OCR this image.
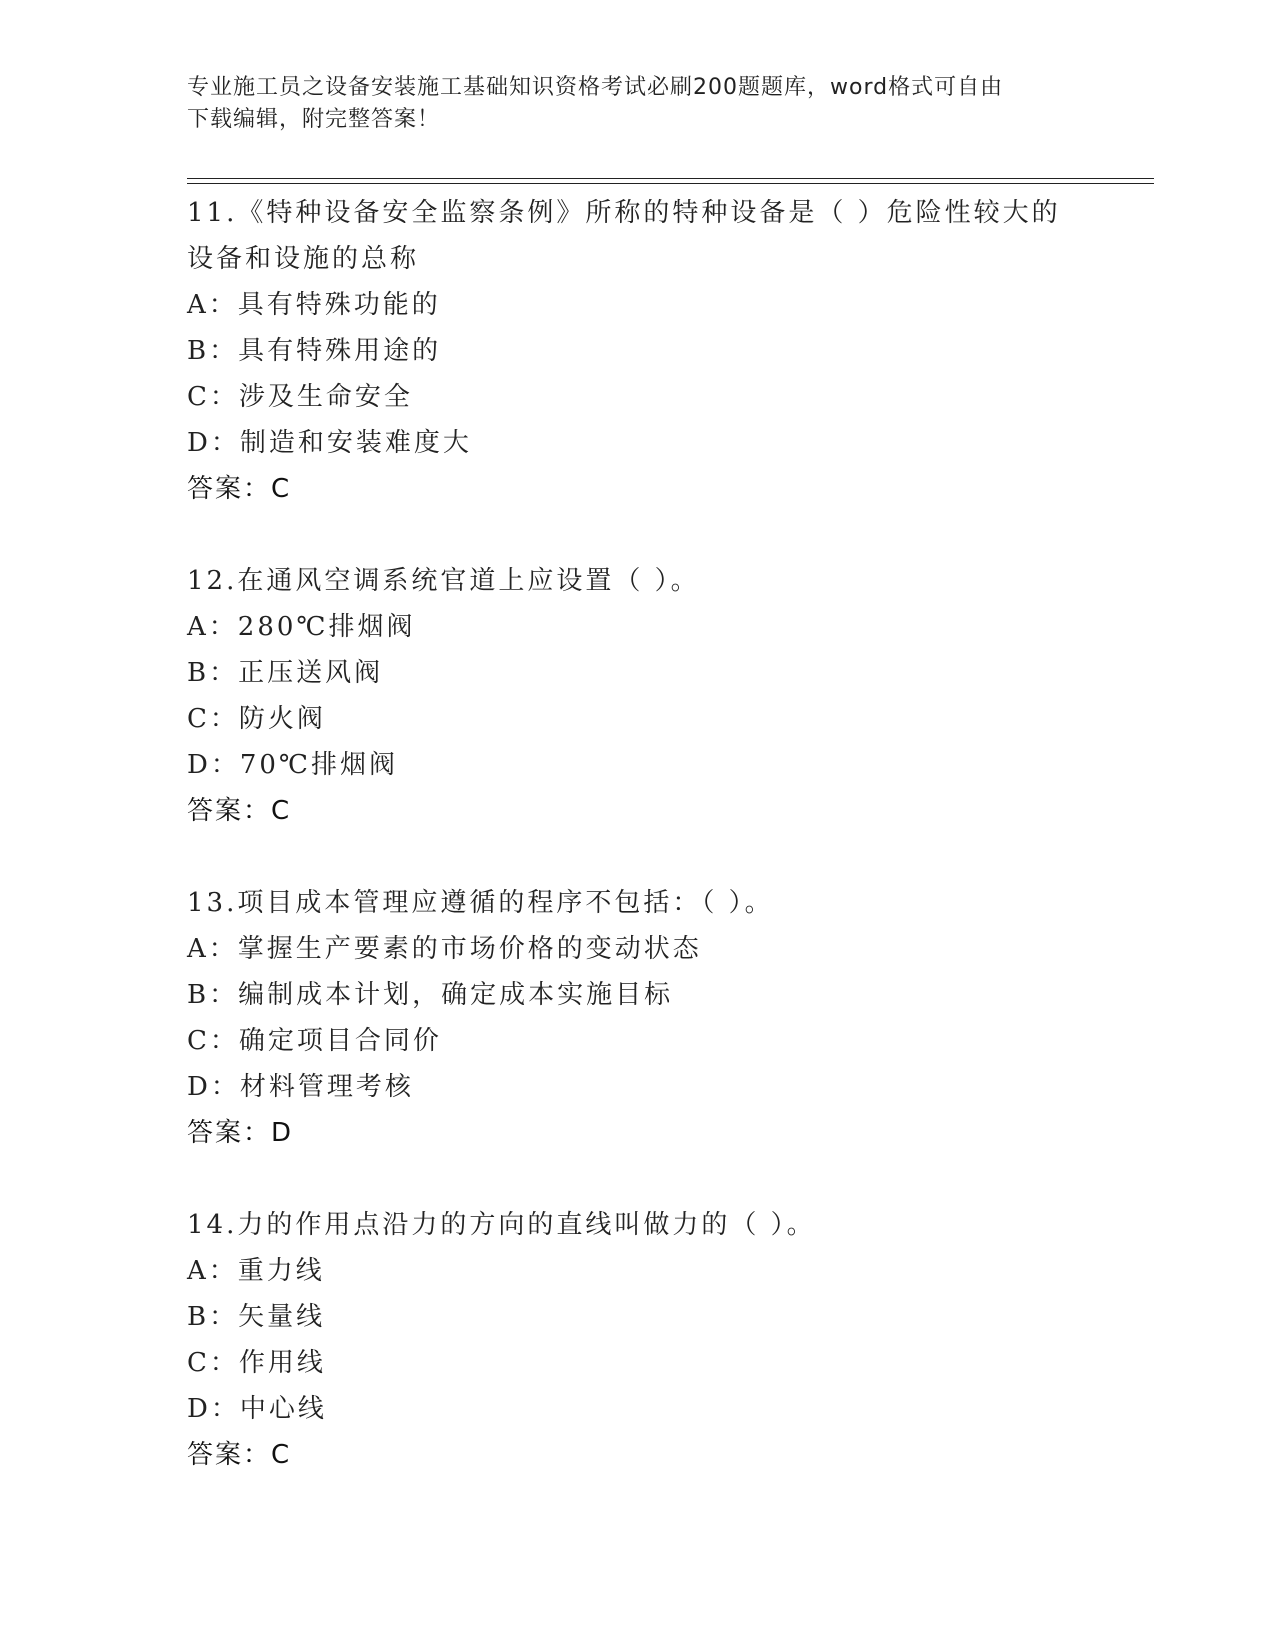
专业施工员之设备安装施工基础知识资格考试必刷200题题库，word格式可自由
下载编辑，附完整答案！
11.《特种设备安全监察条例》所称的特种设备是（ ）危险性较大的
设备和设施的总称
A：具有特殊功能的
B：具有特殊用途的
C：涉及生命安全
D：制造和安装难度大
答案：C
12.在通风空调系统官道上应设置（ ）。
A：280℃排烟阀
B：正压送风阀
C：防火阀
D：70℃排烟阀
答案：C
13.项目成本管理应遵循的程序不包括：（ ）。
A：掌握生产要素的市场价格的变动状态
B：编制成本计划，确定成本实施目标
C：确定项目合同价
D：材料管理考核
答案：D
14.力的作用点沿力的方向的直线叫做力的（ ）。
A：重力线
B：矢量线
C：作用线
D：中心线
答案：C
